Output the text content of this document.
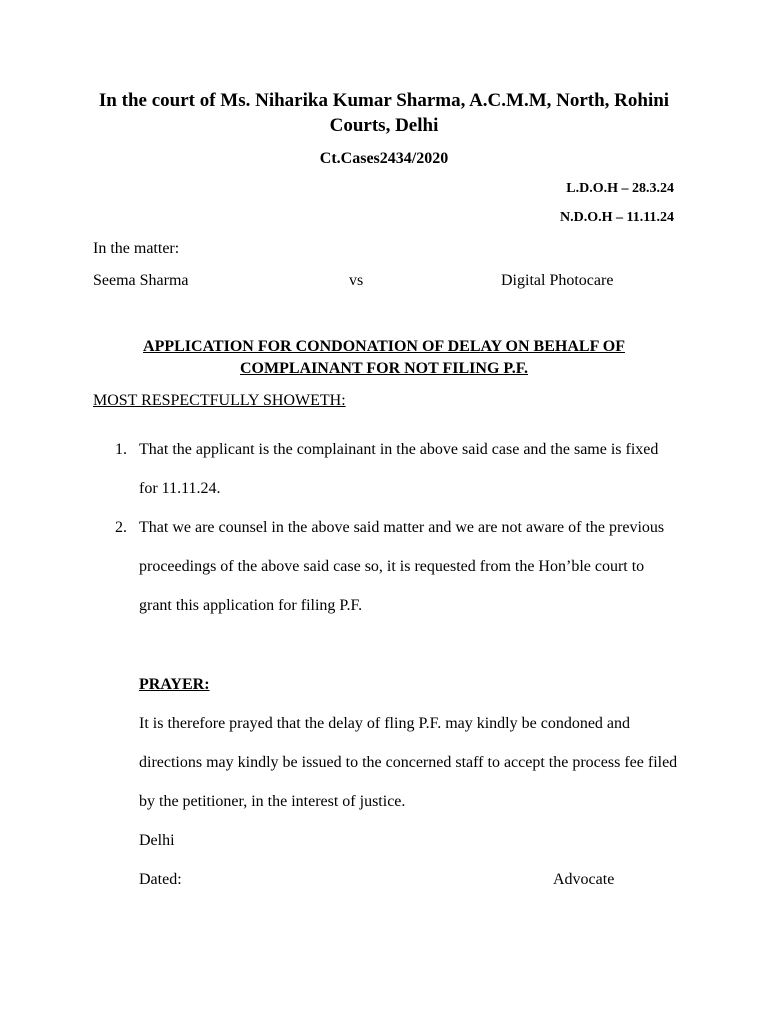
In the court of Ms. Niharika Kumar Sharma, A.C.M.M, North, Rohini Courts, Delhi
Ct.Cases2434/2020
L.D.O.H – 28.3.24
N.D.O.H – 11.11.24
In the matter:
Seema Sharma	vs	Digital Photocare
APPLICATION FOR CONDONATION OF DELAY ON BEHALF OF COMPLAINANT FOR NOT FILING P.F.
MOST RESPECTFULLY SHOWETH:
1. That the applicant is the complainant in the above said case and the same is fixed for 11.11.24.
2. That we are counsel in the above said matter and we are not aware of the previous proceedings of the above said case so, it is requested from the Hon’ble court to grant this application for filing P.F.
PRAYER:
It is therefore prayed that the delay of fling P.F. may kindly be condoned and directions may kindly be issued to the concerned staff to accept the process fee filed by the petitioner, in the interest of justice.
Delhi
Dated:	Advocate
